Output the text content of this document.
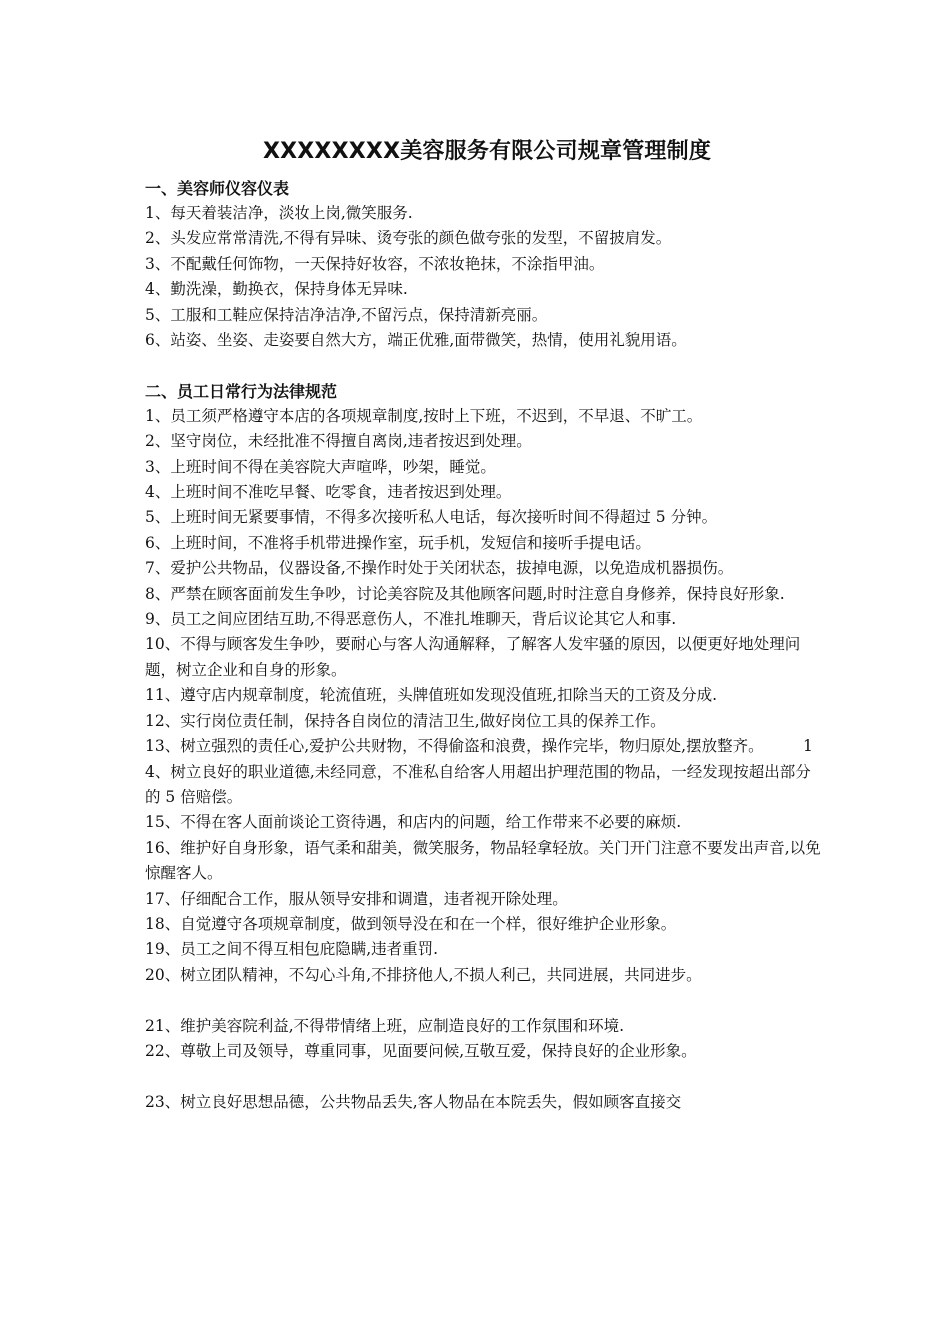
XXXXXXXX美容服务有限公司规章管理制度

一、美容师仪容仪表

1、每天着装洁净，淡妆上岗,微笑服务.

2、头发应常常清洗,不得有异味、烫夸张的颜色做夸张的发型，不留披肩发。

3、不配戴任何饰物，一天保持好妆容，不浓妆艳抹，不涂指甲油。

4、勤洗澡，勤换衣，保持身体无异味.

5、工服和工鞋应保持洁净洁净,不留污点，保持清新亮丽。

6、站姿、坐姿、走姿要自然大方，端正优雅,面带微笑，热情，使用礼貌用语。

二、员工日常行为法律规范

1、员工须严格遵守本店的各项规章制度,按时上下班，不迟到，不早退、不旷工。

2、坚守岗位，未经批准不得擅自离岗,违者按迟到处理。

3、上班时间不得在美容院大声喧哗，吵架，睡觉。

4、上班时间不准吃早餐、吃零食，违者按迟到处理。

5、上班时间无紧要事情，不得多次接听私人电话，每次接听时间不得超过 5 分钟。

6、上班时间，不准将手机带进操作室，玩手机，发短信和接听手提电话。

7、爱护公共物品，仪器设备,不操作时处于关闭状态，拔掉电源，以免造成机器损伤。

8、严禁在顾客面前发生争吵，讨论美容院及其他顾客问题,时时注意自身修养，保持良好形象.

9、员工之间应团结互助,不得恶意伤人，不准扎堆聊天，背后议论其它人和事.

10、不得与顾客发生争吵，要耐心与客人沟通解释，了解客人发牢骚的原因，以便更好地处理问题，树立企业和自身的形象。

11、遵守店内规章制度，轮流值班，头牌值班如发现没值班,扣除当天的工资及分成.

12、实行岗位责任制，保持各自岗位的清洁卫生,做好岗位工具的保养工作。

13、树立强烈的责任心,爱护公共财物，不得偷盗和浪费，操作完毕，物归原处,摆放整齐。        14、树立良好的职业道德,未经同意，不准私自给客人用超出护理范围的物品，一经发现按超出部分的 5 倍赔偿。

15、不得在客人面前谈论工资待遇，和店内的问题，给工作带来不必要的麻烦.

16、维护好自身形象，语气柔和甜美，微笑服务，物品轻拿轻放。关门开门注意不要发出声音,以免惊醒客人。

17、仔细配合工作，服从领导安排和调遣，违者视开除处理。

18、自觉遵守各项规章制度，做到领导没在和在一个样，很好维护企业形象。

19、员工之间不得互相包庇隐瞒,违者重罚.

20、树立团队精神，不勾心斗角,不排挤他人,不损人利己，共同进展，共同进步。

21、维护美容院利益,不得带情绪上班，应制造良好的工作氛围和环境.

22、尊敬上司及领导，尊重同事，见面要问候,互敬互爱，保持良好的企业形象。

23、树立良好思想品德，公共物品丢失,客人物品在本院丢失，假如顾客直接交
